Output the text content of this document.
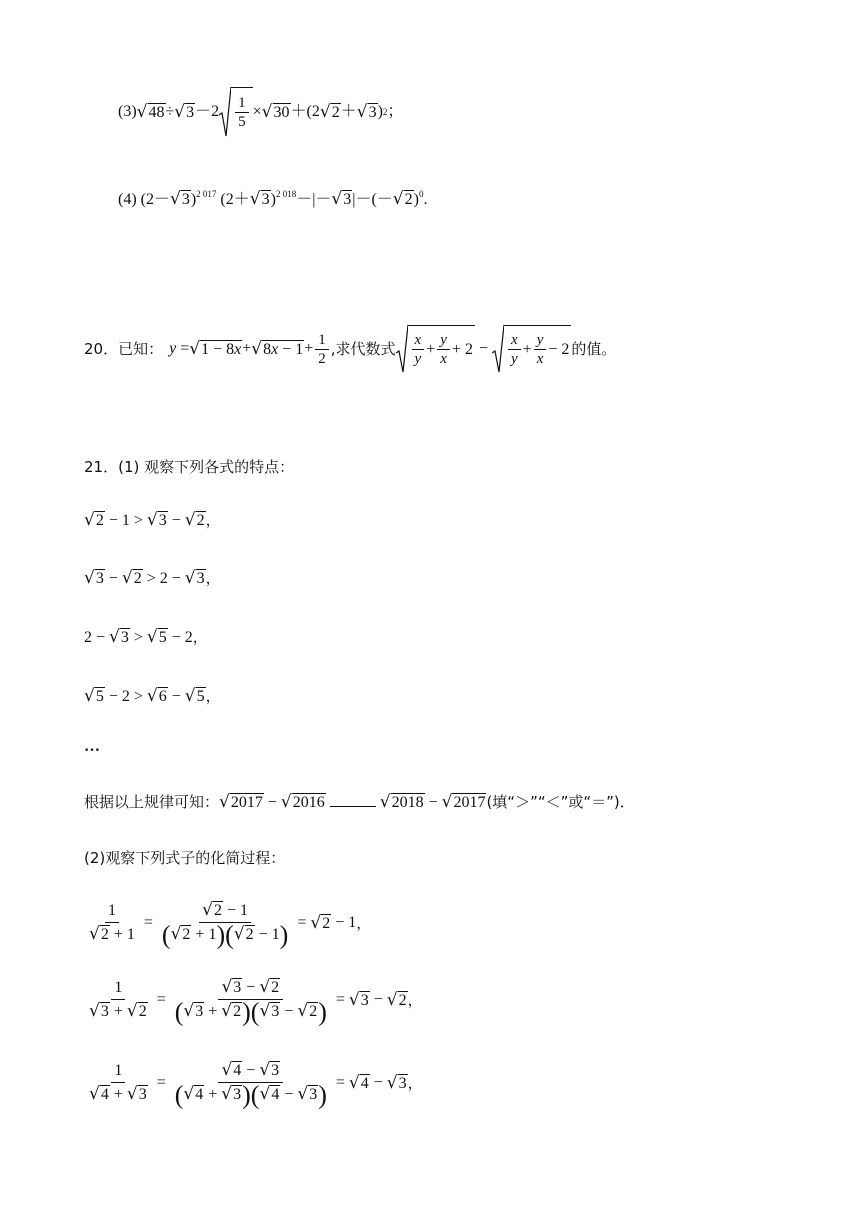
(3) $√48 \div √3 -2 \frac{1}{5} \times √30 +(2$ √2 ＋ √3 ) 2 ；
(4) $(2-√3)^{2 017}$ $(2+√3)^{2 018}-|-√3|-(-√2)^0$.
20．已知： $y = √1 - 8x + √8x - 1 + \frac{1}{2}$ ,求代数式 $\frac{x}{y} + \frac{y}{x} + 2 - \frac{x}{y} + \frac{y}{x} - 2$ 的值。
21．(1) 观察下列各式的特点：
√2 − 1 > √3 − √2，
√3 − √2 > 2 − √3，
2 − √3 > √5 − 2，
√5 − 2 > √6 − √5，
…
根据以上规律可知：√2017 − √2016	√2018 − √2017(填“＞”“＜”或“＝”)．
(2)观察下列式子的化简过程：
$\frac{1}{√2 + 1} = \frac{√2 - 1}{(√2 + 1)(√2 - 1)} = √2 - 1$ ，
$\frac{1}{√3 + √2} = \frac{√3 - √2}{(√3 + √2)(√3 - √2)} = √3 - √2$ ，
$\frac{1}{√4 + √3} = \frac{√4 - √3}{(√4 + √3)(√4 - √3)} = √4 - √3$ ，
